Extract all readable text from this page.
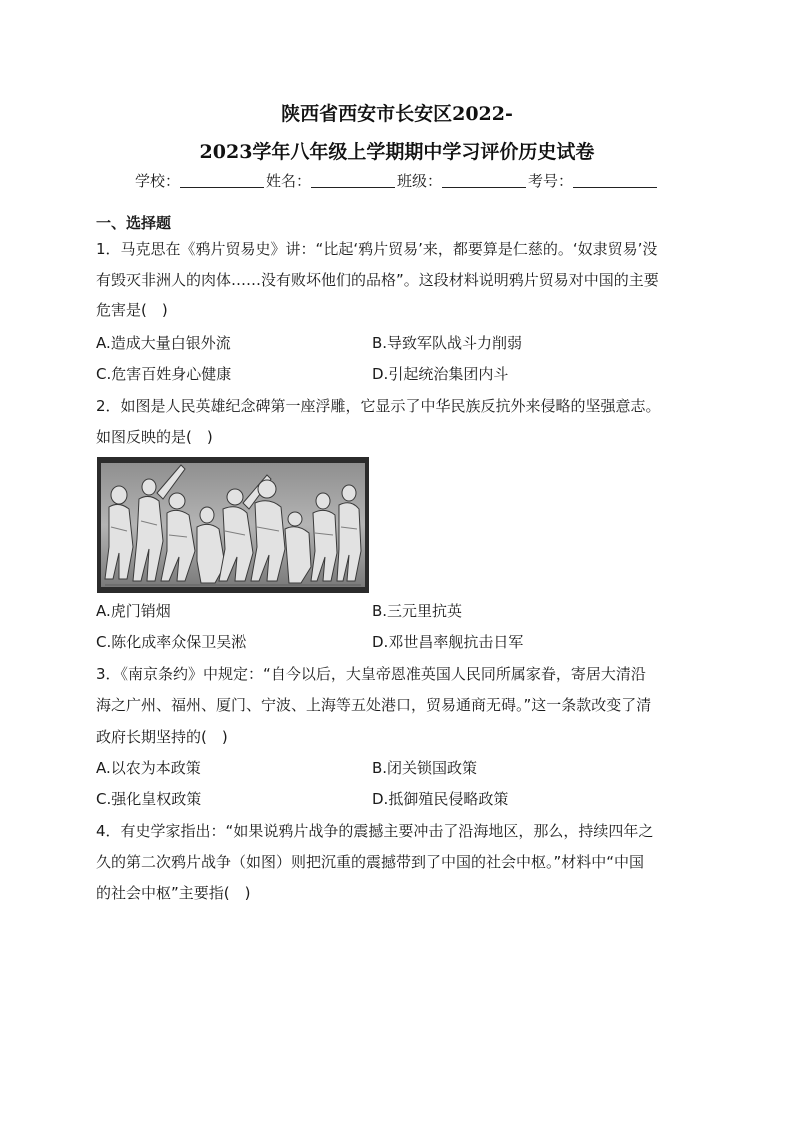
陕西省西安市长安区2022-
2023学年八年级上学期期中学习评价历史试卷
学校：	姓名：	班级：	考号：
一、选择题
1．马克思在《鸦片贸易史》讲：“比起‘鸦片贸易’来，都要算是仁慈的。‘奴隶贸易’没
有毁灭非洲人的肉体……没有败坏他们的品格”。这段材料说明鸦片贸易对中国的主要
危害是(　)
A.造成大量白银外流	B.导致军队战斗力削弱
C.危害百姓身心健康	D.引起统治集团内斗
2．如图是人民英雄纪念碑第一座浮雕，它显示了中华民族反抗外来侵略的坚强意志。
如图反映的是(　)
A.虎门销烟	B.三元里抗英
C.陈化成率众保卫吴淞	D.邓世昌率舰抗击日军
3．《南京条约》中规定：“自今以后，大皇帝恩准英国人民同所属家眷，寄居大清沿
海之广州、福州、厦门、宁波、上海等五处港口，贸易通商无碍。”这一条款改变了清
政府长期坚持的(　)
A.以农为本政策	B.闭关锁国政策
C.强化皇权政策	D.抵御殖民侵略政策
4．有史学家指出：“如果说鸦片战争的震撼主要冲击了沿海地区，那么，持续四年之
久的第二次鸦片战争（如图）则把沉重的震撼带到了中国的社会中枢。”材料中“中国
的社会中枢”主要指(　)
